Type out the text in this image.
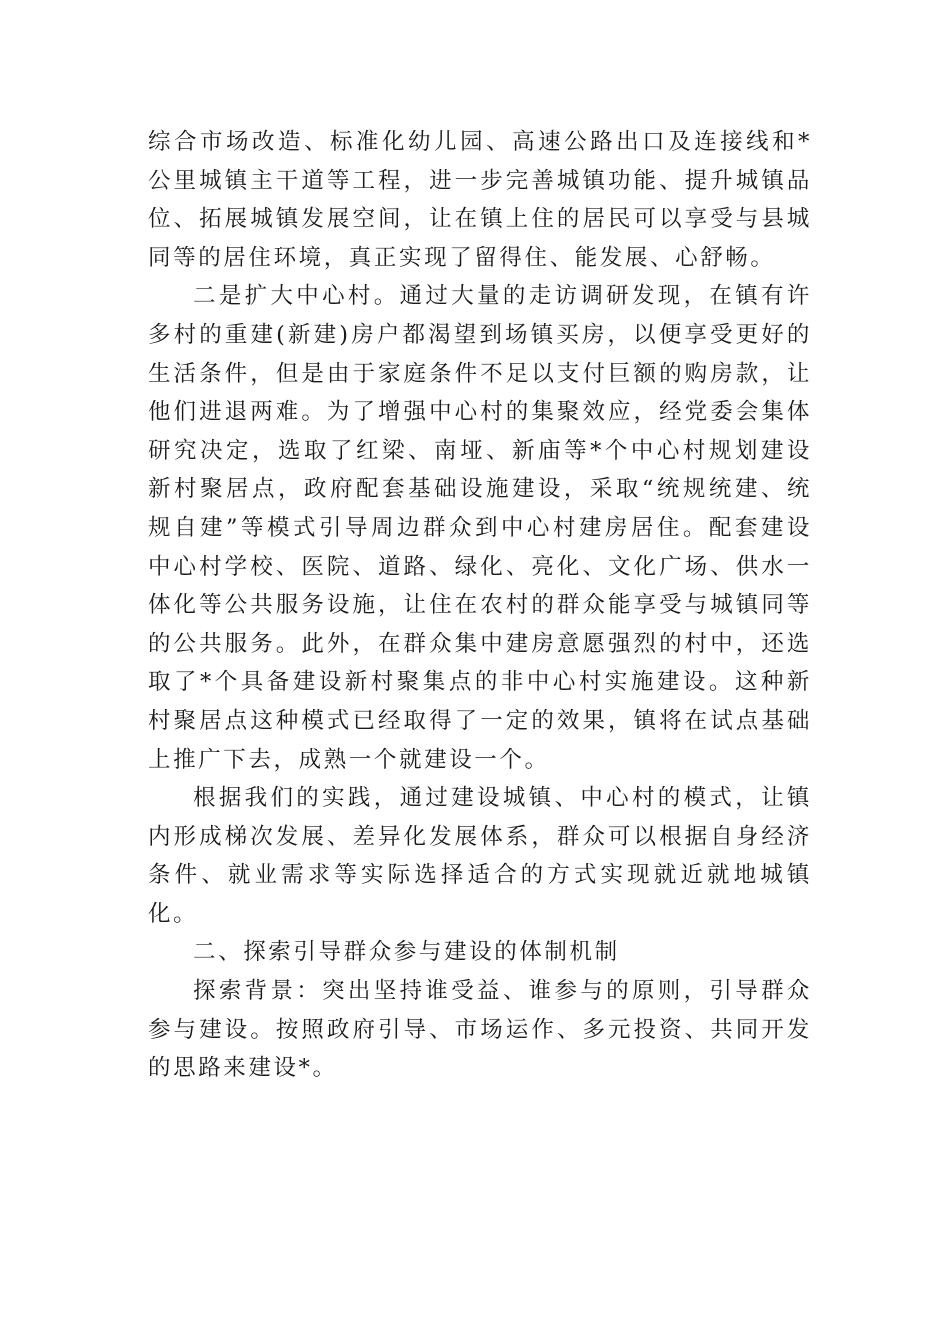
综合市场改造、标准化幼儿园、高速公路出口及连接线和*公里城镇主干道等工程，进一步完善城镇功能、提升城镇品位、拓展城镇发展空间，让在镇上住的居民可以享受与县城同等的居住环境，真正实现了留得住、能发展、心舒畅。

二是扩大中心村。通过大量的走访调研发现，在镇有许多村的重建(新建)房户都渴望到场镇买房，以便享受更好的生活条件，但是由于家庭条件不足以支付巨额的购房款，让他们进退两难。为了增强中心村的集聚效应，经党委会集体研究决定，选取了红梁、南垭、新庙等*个中心村规划建设新村聚居点，政府配套基础设施建设，采取“统规统建、统规自建”等模式引导周边群众到中心村建房居住。配套建设中心村学校、医院、道路、绿化、亮化、文化广场、供水一体化等公共服务设施，让住在农村的群众能享受与城镇同等的公共服务。此外，在群众集中建房意愿强烈的村中，还选取了*个具备建设新村聚集点的非中心村实施建设。这种新村聚居点这种模式已经取得了一定的效果，镇将在试点基础上推广下去，成熟一个就建设一个。

根据我们的实践，通过建设城镇、中心村的模式，让镇内形成梯次发展、差异化发展体系，群众可以根据自身经济条件、就业需求等实际选择适合的方式实现就近就地城镇化。

二、探索引导群众参与建设的体制机制

探索背景：突出坚持谁受益、谁参与的原则，引导群众参与建设。按照政府引导、市场运作、多元投资、共同开发的思路来建设*。
